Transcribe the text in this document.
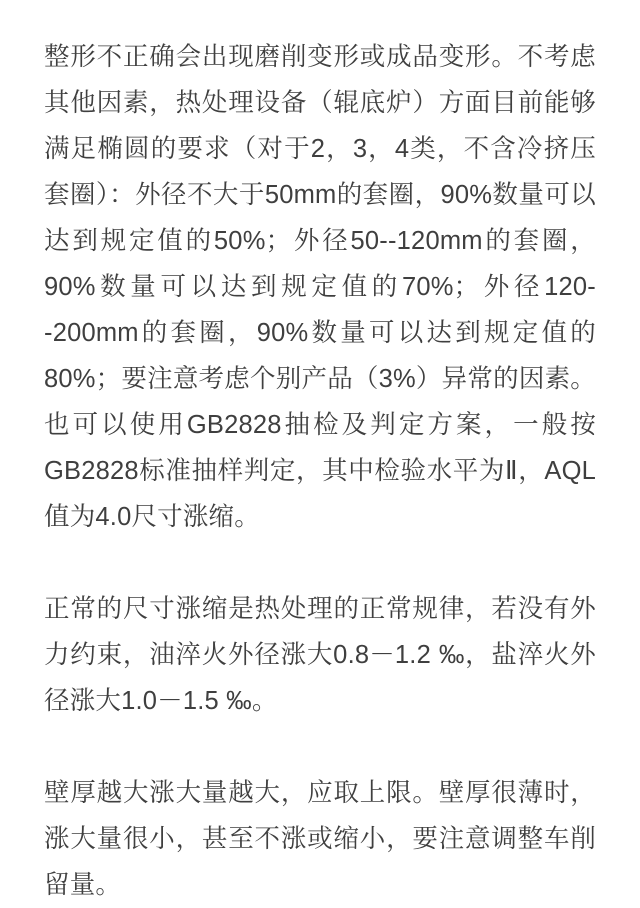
整形不正确会出现磨削变形或成品变形。不考虑其他因素，热处理设备（辊底炉）方面目前能够满足椭圆的要求（对于2，3，4类，不含冷挤压套圈）：外径不大于50mm的套圈，90%数量可以达到规定值的50%；外径50--120mm的套圈，90%数量可以达到规定值的70%；外径120--200mm的套圈，90%数量可以达到规定值的80%；要注意考虑个别产品（3%）异常的因素。也可以使用GB2828抽检及判定方案，一般按GB2828标准抽样判定，其中检验水平为Ⅱ，AQL 值为4.0尺寸涨缩。

正常的尺寸涨缩是热处理的正常规律，若没有外力约束，油淬火外径涨大0.8－1.2 ‰，盐淬火外径涨大1.0－1.5 ‰。

壁厚越大涨大量越大，应取上限。壁厚很薄时，涨大量很小，甚至不涨或缩小，要注意调整车削留量。
